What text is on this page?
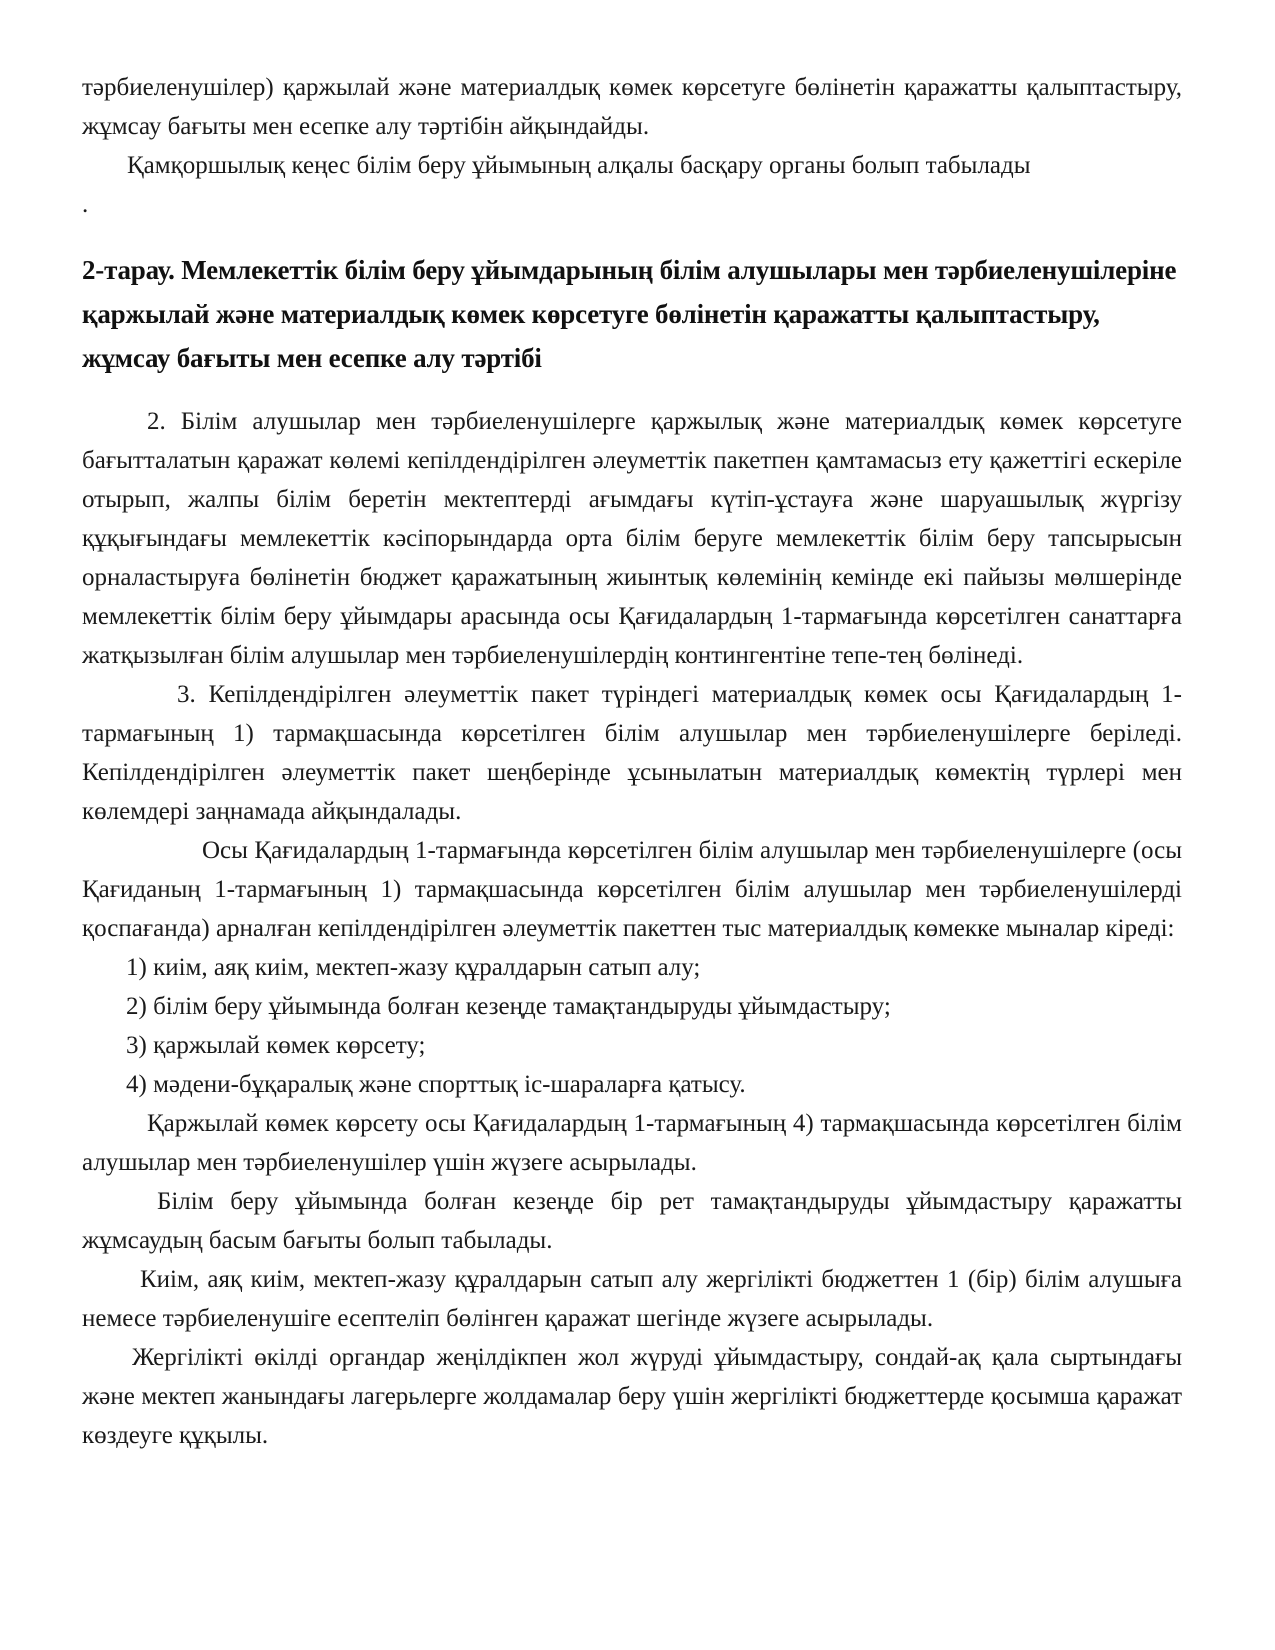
тәрбиеленушілер) қаржылай және материалдық көмек көрсетуге бөлінетін қаражатты қалыптастыру, жұмсау бағыты мен есепке алу тәртібін айқындайды.

Қамқоршылық кеңес білім беру ұйымының алқалы басқару органы болып табылады

.
2-тарау. Мемлекеттік білім беру ұйымдарының білім алушылары мен тәрбиеленушілеріне қаржылай және материалдық көмек көрсетуге бөлінетін қаражатты қалыптастыру, жұмсау бағыты мен есепке алу тәртібі

2. Білім алушылар мен тәрбиеленушілерге қаржылық және материалдық көмек көрсетуге бағытталатын қаражат көлемі кепілдендірілген әлеуметтік пакетпен қамтамасыз ету қажеттігі ескеріле отырып, жалпы білім беретін мектептерді ағымдағы күтіп-ұстауға және шаруашылық жүргізу құқығындағы мемлекеттік кәсіпорындарда орта білім беруге мемлекеттік білім беру тапсырысын орналастыруға бөлінетін бюджет қаражатының жиынтық көлемінің кемінде екі пайызы мөлшерінде мемлекеттік білім беру ұйымдары арасында осы Қағидалардың 1-тармағында көрсетілген санаттарға жатқызылған білім алушылар мен тәрбиеленушілердің контингентіне тепе-тең бөлінеді.

3. Кепілдендірілген әлеуметтік пакет түріндегі материалдық көмек осы Қағидалардың 1-тармағының 1) тармақшасында көрсетілген білім алушылар мен тәрбиеленушілерге беріледі. Кепілдендірілген әлеуметтік пакет шеңберінде ұсынылатын материалдық көмектің түрлері мен көлемдері заңнамада айқындалады.

Осы Қағидалардың 1-тармағында көрсетілген білім алушылар мен тәрбиеленушілерге (осы Қағиданың 1-тармағының 1) тармақшасында көрсетілген білім алушылар мен тәрбиеленушілерді қоспағанда) арналған кепілдендірілген әлеуметтік пакеттен тыс материалдық көмекке мыналар кіреді:

1) киім, аяқ киім, мектеп-жазу құралдарын сатып алу;

2) білім беру ұйымында болған кезеңде тамақтандыруды ұйымдастыру;

3) қаржылай көмек көрсету;

4) мәдени-бұқаралық және спорттық іс-шараларға қатысу.

Қаржылай көмек көрсету осы Қағидалардың 1-тармағының 4) тармақшасында көрсетілген білім алушылар мен тәрбиеленушілер үшін жүзеге асырылады.

Білім беру ұйымында болған кезеңде бір рет тамақтандыруды ұйымдастыру қаражатты жұмсаудың басым бағыты болып табылады.

Киім, аяқ киім, мектеп-жазу құралдарын сатып алу жергілікті бюджеттен 1 (бір) білім алушыға немесе тәрбиеленушіге есептеліп бөлінген қаражат шегінде жүзеге асырылады.

Жергілікті өкілді органдар жеңілдікпен жол жүруді ұйымдастыру, сондай-ақ қала сыртындағы және мектеп жанындағы лагерьлерге жолдамалар беру үшін жергілікті бюджеттерде қосымша қаражат көздеуге құқылы.
